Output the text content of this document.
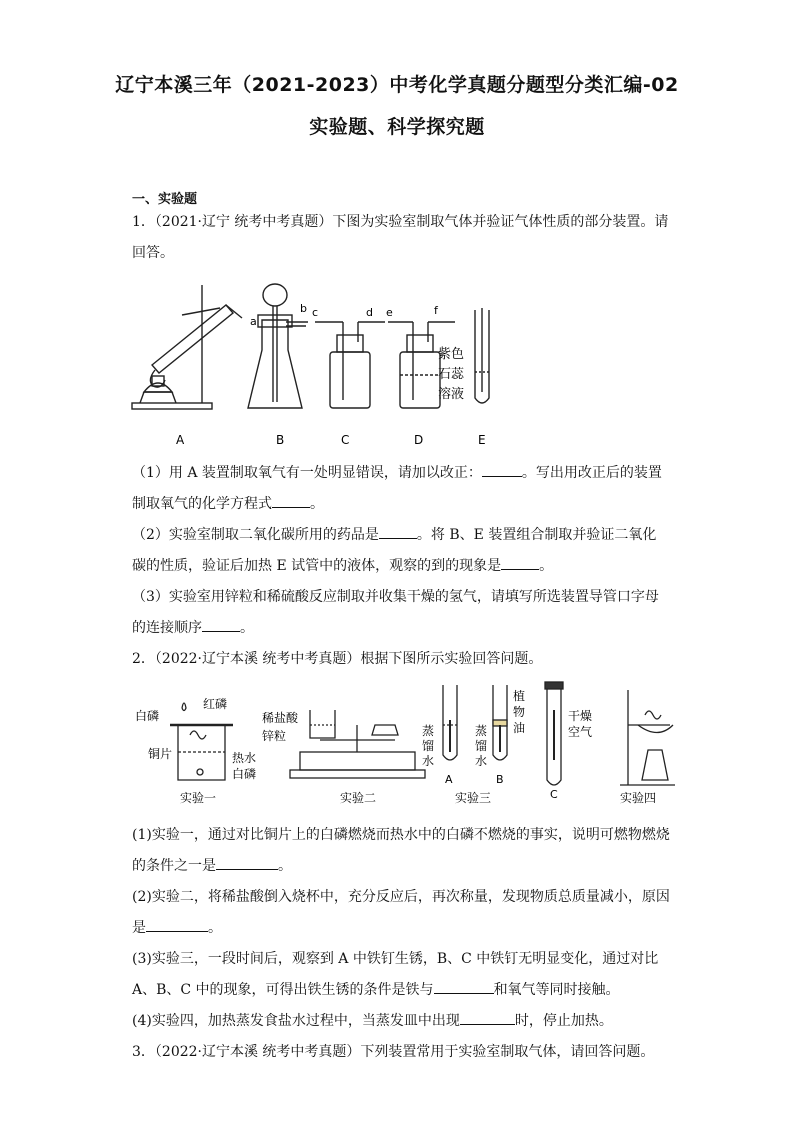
辽宁本溪三年（2021-2023）中考化学真题分题型分类汇编-02
实验题、科学探究题
一、实验题

1．（2021·辽宁 统考中考真题）下图为实验室制取气体并验证气体性质的部分装置。请

回答。

a
b c	d e	f
紫色
石蕊
溶液
A	B	C	D	E

（1）用 A 装置制取氧气有一处明显错误，请加以改正：	。写出用改正后的装置

制取氧气的化学方程式	。

（2）实验室制取二氧化碳所用的药品是	。将 B、E 装置组合制取并验证二氧化

碳的性质，验证后加热 E 试管中的液体，观察的到的现象是	。

（3）实验室用锌粒和稀硫酸反应制取并收集干燥的氢气，请填写所选装置导管口字母

的连接顺序	。

2．（2022·辽宁本溪 统考中考真题）根据下图所示实验回答问题。

红磷
白磷
铜片	热水
白磷
实验一
稀盐酸
锌粒
实验二
蒸
馏
水
蒸
馏
水
植
物
油
干燥
空气
A	B
C
实验三	实验四

(1)实验一，通过对比铜片上的白磷燃烧而热水中的白磷不燃烧的事实，说明可燃物燃烧

的条件之一是	。

(2)实验二，将稀盐酸倒入烧杯中，充分反应后，再次称量，发现物质总质量减小，原因

是	。

(3)实验三，一段时间后，观察到 A 中铁钉生锈，B、C 中铁钉无明显变化，通过对比

A、B、C 中的现象，可得出铁生锈的条件是铁与	和氧气等同时接触。

(4)实验四，加热蒸发食盐水过程中，当蒸发皿中出现	时，停止加热。

3．（2022·辽宁本溪 统考中考真题）下列装置常用于实验室制取气体，请回答问题。
